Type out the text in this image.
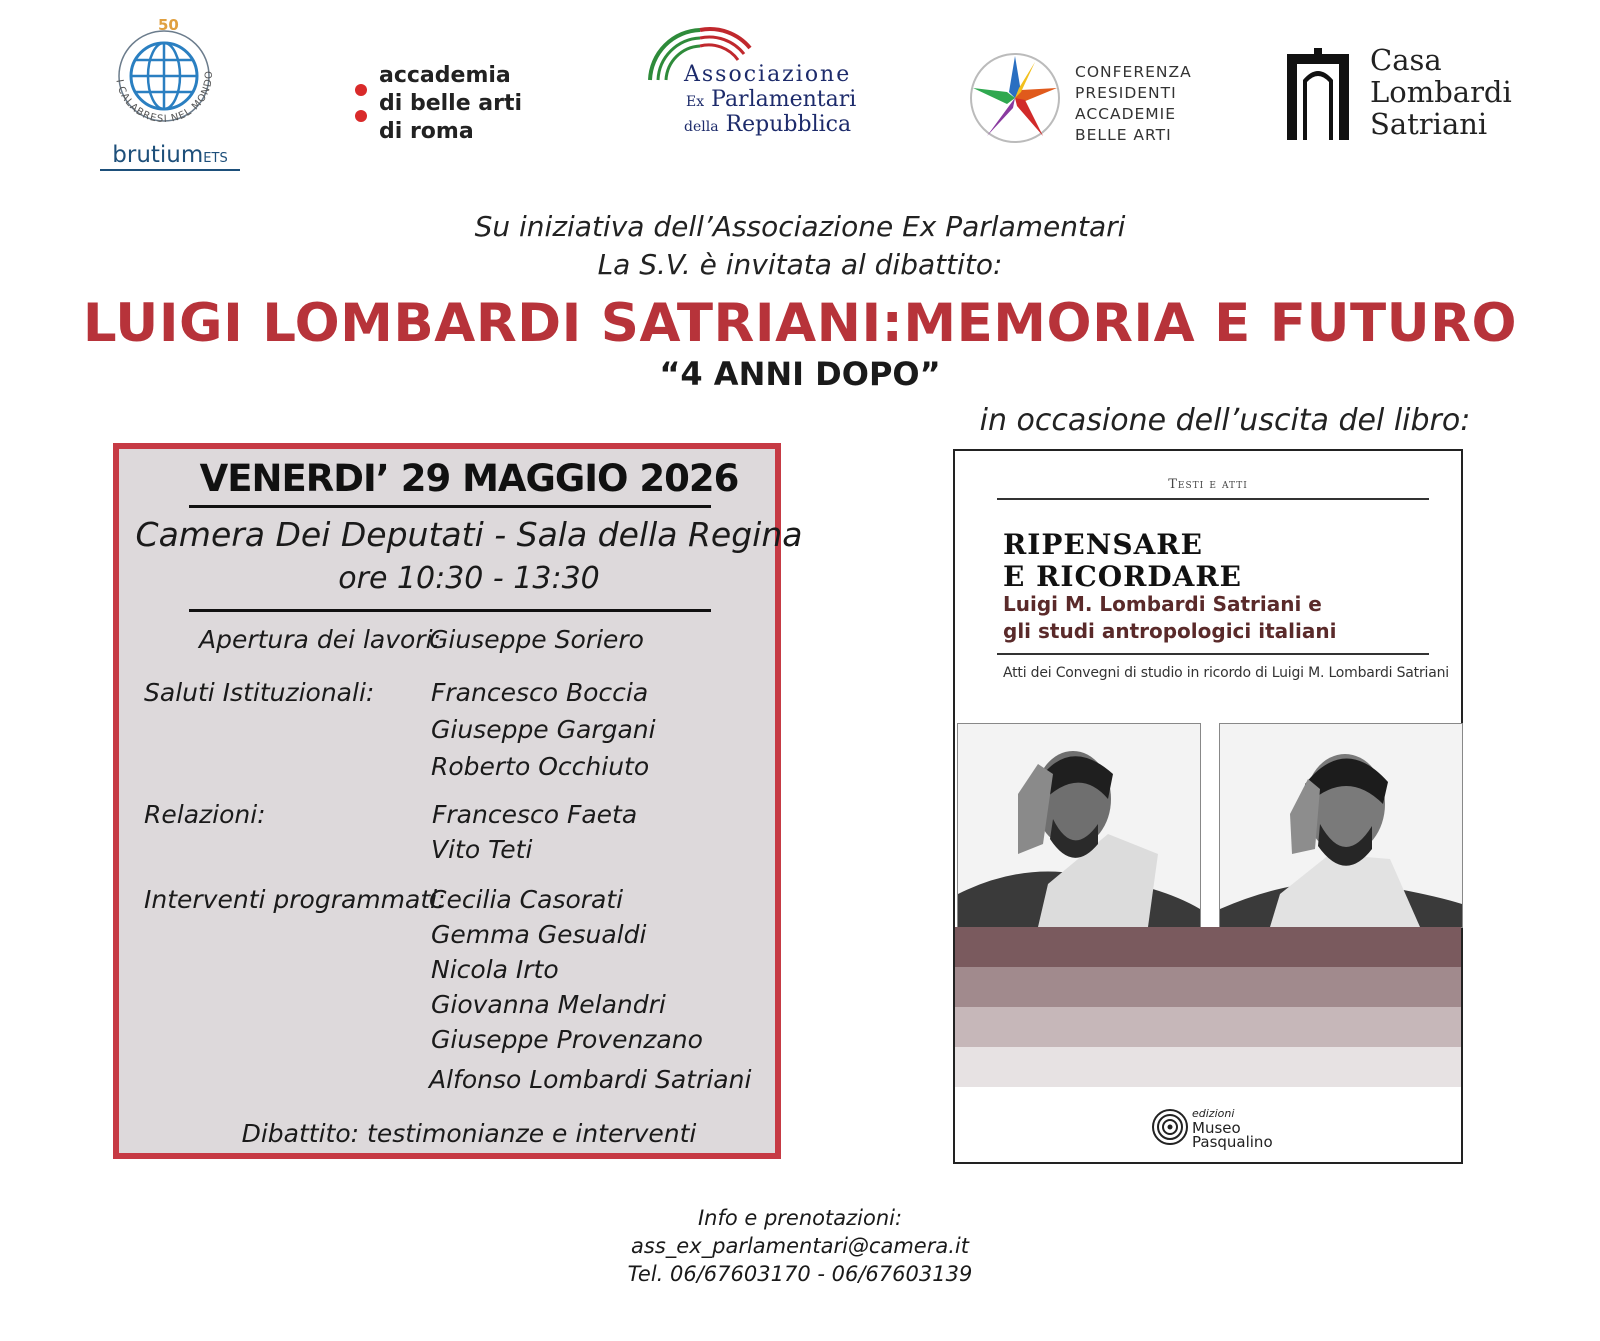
I CALABRESI NEL MONDO
50
brutiumETS
accademia
di belle arti
di roma
Associazione
Ex Parlamentari
della Repubblica
CONFERENZA
PRESIDENTI
ACCADEMIE
BELLE ARTI
Casa
Lombardi
Satriani
Su iniziativa dell’Associazione Ex Parlamentari
La S.V. è invitata al dibattito:
LUIGI LOMBARDI SATRIANI:MEMORIA E FUTURO
“4 ANNI DOPO”
in occasione dell’uscita del libro:
VENERDI’ 29 MAGGIO 2026
Camera Dei Deputati - Sala della Regina
ore 10:30 - 13:30
Apertura dei lavori:
Giuseppe Soriero
Saluti Istituzionali: Francesco Boccia
Giuseppe Gargani
Roberto Occhiuto
Relazioni:	Francesco Faeta
Vito Teti
Interventi programmati:
Cecilia Casorati
Gemma Gesualdi
Nicola Irto
Giovanna Melandri
Giuseppe Provenzano
Alfonso Lombardi Satriani
Dibattito: testimonianze e interventi
Testi e atti
RIPENSARE
E RICORDARE
Luigi M. Lombardi Satriani e
gli studi antropologici italiani
Atti dei Convegni di studio in ricordo di Luigi M. Lombardi Satriani
edizioni
Museo
Pasqualino
Info e prenotazioni:
ass_ex_parlamentari@camera.it
Tel. 06/67603170 - 06/67603139
